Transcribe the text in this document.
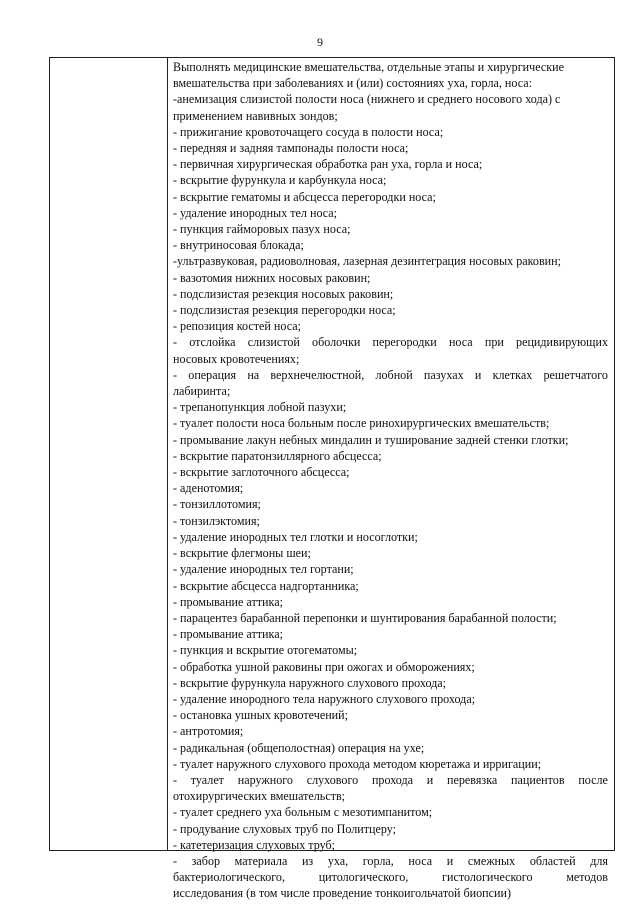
9
Выполнять медицинские вмешательства, отдельные этапы и хирургические
вмешательства при заболеваниях и (или) состояниях уха, горла, носа:
-анемизация слизистой полости носа (нижнего и среднего носового хода) с
применением навивных зондов;
- прижигание кровоточащего сосуда в полости носа;
- передняя и задняя тампонады полости носа;
- первичная хирургическая обработка ран уха, горла и носа;
- вскрытие фурункула и карбункула носа;
- вскрытие гематомы и абсцесса перегородки носа;
- удаление инородных тел носа;
- пункция гайморовых пазух носа;
- внутриносовая блокада;
-ультразвуковая, радиоволновая, лазерная дезинтеграция носовых раковин;
- вазотомия нижних носовых раковин;
- подслизистая резекция носовых раковин;
- подслизистая резекция перегородки носа;
- репозиция костей носа;
- отслойка слизистой оболочки перегородки носа при рецидивирующих
носовых кровотечениях;
- операция на верхнечелюстной, лобной пазухах и клетках решетчатого
лабиринта;
- трепанопункция лобной пазухи;
- туалет полости носа больным после ринохирургических вмешательств;
- промывание лакун небных миндалин и туширование задней стенки глотки;
- вскрытие паратонзиллярного абсцесса;
- вскрытие заглоточного абсцесса;
- аденотомия;
- тонзиллотомия;
- тонзилэктомия;
- удаление инородных тел глотки и носоглотки;
- вскрытие флегмоны шеи;
- удаление инородных тел гортани;
- вскрытие абсцесса надгортанника;
- промывание аттика;
- парацентез барабанной перепонки и шунтирования барабанной полости;
- промывание аттика;
- пункция и вскрытие отогематомы;
- обработка ушной раковины при ожогах и обморожениях;
- вскрытие фурункула наружного слухового прохода;
- удаление инородного тела наружного слухового прохода;
- остановка ушных кровотечений;
- антротомия;
- радикальная (общеполостная) операция на ухе;
- туалет наружного слухового прохода методом кюретажа и ирригации;
- туалет наружного слухового прохода и перевязка пациентов после
отохирургических вмешательств;
- туалет среднего уха больным с мезотимпанитом;
- продувание слуховых труб по Политцеру;
- катетеризация слуховых труб;
- забор материала из уха, горла, носа и смежных областей для
бактериологического,	цитологического,	гистологического	методов
исследования (в том числе проведение тонкоигольчатой биопсии)
